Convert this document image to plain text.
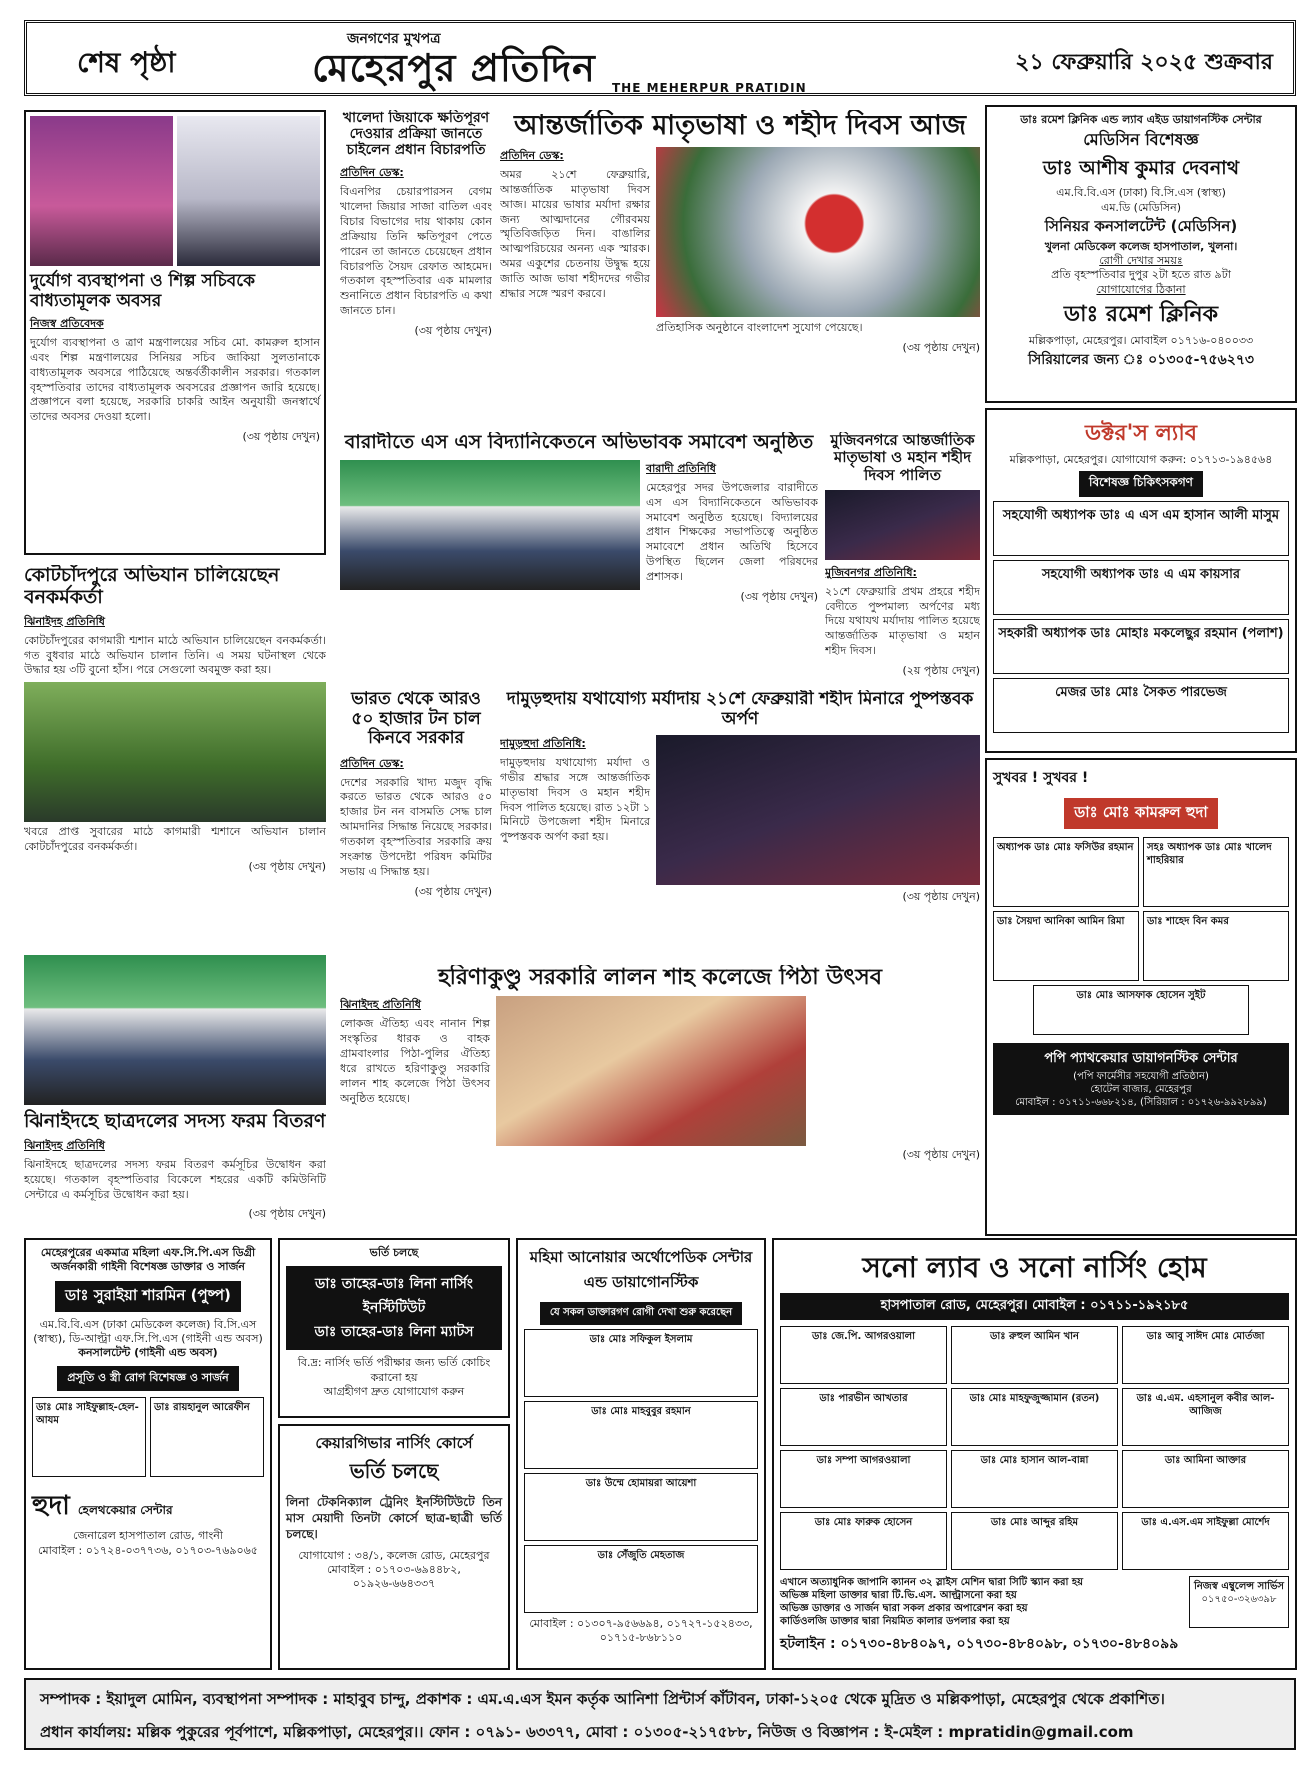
শেষ পৃষ্ঠা
জনগণের মুখপত্র
মেহেরপুর প্রতিদিন THE MEHERPUR PRATIDIN
২১ ফেব্রুয়ারি ২০২৫ শুক্রবার
দুর্যোগ ব্যবস্থাপনা ও শিল্প সচিবকে বাধ্যতামূলক অবসর
নিজস্ব প্রতিবেদক
দুর্যোগ ব্যবস্থাপনা ও ত্রাণ মন্ত্রণালয়ের সচিব মো. কামরুল হাসান এবং শিল্প মন্ত্রণালয়ের সিনিয়র সচিব জাকিয়া সুলতানাকে বাধ্যতামূলক অবসরে পাঠিয়েছে অন্তর্বর্তীকালীন সরকার। গতকাল বৃহস্পতিবার তাদের বাধ্যতামূলক অবসরের প্রজ্ঞাপন জারি হয়েছে। প্রজ্ঞাপনে বলা হয়েছে, সরকারি চাকরি আইন অনুযায়ী জনস্বার্থে তাদের অবসর দেওয়া হলো।
(৩য় পৃষ্ঠায় দেখুন)
খালেদা জিয়াকে ক্ষতিপূরণ দেওয়ার প্রক্রিয়া জানতে চাইলেন প্রধান বিচারপতি
প্রতিদিন ডেস্ক:
বিএনপির চেয়ারপারসন বেগম খালেদা জিয়ার সাজা বাতিল এবং বিচার বিভাগের দায় থাকায় কোন প্রক্রিয়ায় তিনি ক্ষতিপূরণ পেতে পারেন তা জানতে চেয়েছেন প্রধান বিচারপতি সৈয়দ রেফাত আহমেদ। গতকাল বৃহস্পতিবার এক মামলার শুনানিতে প্রধান বিচারপতি এ কথা জানতে চান।
(৩য় পৃষ্ঠায় দেখুন)
আন্তর্জাতিক মাতৃভাষা ও শহীদ দিবস আজ
প্রতিদিন ডেস্ক:
অমর ২১শে ফেব্রুয়ারি, আন্তর্জাতিক মাতৃভাষা দিবস আজ। মায়ের ভাষার মর্যাদা রক্ষার জন্য আত্মদানের গৌরবময় স্মৃতিবিজড়িত দিন। বাঙালির আত্মপরিচয়ের অনন্য এক স্মারক। অমর একুশের চেতনায় উদ্বুদ্ধ হয়ে জাতি আজ ভাষা শহীদদের গভীর শ্রদ্ধার সঙ্গে স্মরণ করবে।
প্রতিহাসিক অনুষ্ঠানে বাংলাদেশ সুযোগ পেয়েছে।
(৩য় পৃষ্ঠায় দেখুন)
বারাদীতে এস এস বিদ্যানিকেতনে অভিভাবক সমাবেশ অনুষ্ঠিত
বারাদী প্রতিনিধি
মেহেরপুর সদর উপজেলার বারাদীতে এস এস বিদ্যানিকেতনে অভিভাবক সমাবেশ অনুষ্ঠিত হয়েছে। বিদ্যালয়ের প্রধান শিক্ষকের সভাপতিত্বে অনুষ্ঠিত সমাবেশে প্রধান অতিথি হিসেবে উপস্থিত ছিলেন জেলা পরিষদের প্রশাসক।
(৩য় পৃষ্ঠায় দেখুন)
মুজিবনগরে আন্তর্জাতিক মাতৃভাষা ও মহান শহীদ দিবস পালিত
মুজিবনগর প্রতিনিধি:
২১শে ফেব্রুয়ারি প্রথম প্রহরে শহীদ বেদীতে পুষ্পমাল্য অর্পণের মধ্য দিয়ে যথাযথ মর্যাদায় পালিত হয়েছে আন্তর্জাতিক মাতৃভাষা ও মহান শহীদ দিবস।
(২য় পৃষ্ঠায় দেখুন)
কোটচাঁদপুরে অভিযান চালিয়েছেন বনকর্মকর্তা
ঝিনাইদহ প্রতিনিধি
কোটচাঁদপুরের কাগমারী শ্মশান মাঠে অভিযান চালিয়েছেন বনকর্মকর্তা। গত বুধবার মাঠে অভিযান চালান তিনি। এ সময় ঘটনাস্থল থেকে উদ্ধার হয় ৩টি বুনো হাঁস। পরে সেগুলো অবমুক্ত করা হয়।
খবরে প্রাপ্ত সুবারের মাঠে কাগমারী শ্মশানে অভিযান চালান কোটচাঁদপুরের বনকর্মকর্তা।
(৩য় পৃষ্ঠায় দেখুন)
ভারত থেকে আরও ৫০ হাজার টন চাল কিনবে সরকার
প্রতিদিন ডেস্ক:
দেশের সরকারি খাদ্য মজুদ বৃদ্ধি করতে ভারত থেকে আরও ৫০ হাজার টন নন বাসমতি সেদ্ধ চাল আমদানির সিদ্ধান্ত নিয়েছে সরকার। গতকাল বৃহস্পতিবার সরকারি ক্রয় সংক্রান্ত উপদেষ্টা পরিষদ কমিটির সভায় এ সিদ্ধান্ত হয়।
(৩য় পৃষ্ঠায় দেখুন)
দামুড়হুদায় যথাযোগ্য মর্যাদায় ২১শে ফেব্রুয়ারী শহীদ মিনারে পুষ্পস্তবক অর্পণ
দামুড়হুদা প্রতিনিধি:
দামুড়হুদায় যথাযোগ্য মর্যাদা ও গভীর শ্রদ্ধার সঙ্গে আন্তর্জাতিক মাতৃভাষা দিবস ও মহান শহীদ দিবস পালিত হয়েছে। রাত ১২টা ১ মিনিটে উপজেলা শহীদ মিনারে পুষ্পস্তবক অর্পণ করা হয়।
(৩য় পৃষ্ঠায় দেখুন)
হরিণাকুণ্ডু সরকারি লালন শাহ কলেজে পিঠা উৎসব
ঝিনাইদহ প্রতিনিধি
লোকজ ঐতিহ্য এবং নানান শিল্প সংস্কৃতির ধারক ও বাহক গ্রামবাংলার পিঠা-পুলির ঐতিহ্য ধরে রাখতে হরিণাকুণ্ডু সরকারি লালন শাহ কলেজে পিঠা উৎসব অনুষ্ঠিত হয়েছে।
(৩য় পৃষ্ঠায় দেখুন)
ঝিনাইদহে ছাত্রদলের সদস্য ফরম বিতরণ
ঝিনাইদহ প্রতিনিধি
ঝিনাইদহে ছাত্রদলের সদস্য ফরম বিতরণ কর্মসূচির উদ্বোধন করা হয়েছে। গতকাল বৃহস্পতিবার বিকেলে শহরের একটি কমিউনিটি সেন্টারে এ কর্মসূচির উদ্বোধন করা হয়।
(৩য় পৃষ্ঠায় দেখুন)
ডাঃ রমেশ ক্লিনিক এন্ড ল্যাব এইড ডায়াগনস্টিক সেন্টার
মেডিসিন বিশেষজ্ঞ
ডাঃ আশীষ কুমার দেবনাথ
এম.বি.বি.এস (ঢাকা) বি.সি.এস (স্বাস্থ্য)
এম.ডি (মেডিসিন)
সিনিয়র কনসালটেন্ট (মেডিসিন)
খুলনা মেডিকেল কলেজ হাসপাতাল, খুলনা।
রোগী দেখার সময়ঃ
প্রতি বৃহস্পতিবার দুপুর ২টা হতে রাত ৯টা
যোগাযোগের ঠিকানা
ডাঃ রমেশ ক্লিনিক
মল্লিকপাড়া, মেহেরপুর। মোবাইল ০১৭১৬-০৪০০৩৩
সিরিয়ালের জন্য ঃ ০১৩০৫-৭৫৬২৭৩
ডক্টর'স ল্যাব
মল্লিকপাড়া, মেহেরপুর। যোগাযোগ করুন: ০১৭১৩-১৯৪৫৬৪
বিশেষজ্ঞ চিকিৎসকগণ
সহযোগী অধ্যাপক ডাঃ এ এস এম হাসান আলী মাসুম
সহযোগী অধ্যাপক ডাঃ এ এম কায়সার
সহকারী অধ্যাপক ডাঃ মোহাঃ মকলেছুর রহমান (পলাশ)
মেজর ডাঃ মোঃ সৈকত পারভেজ
সুখবর ! সুখবর !
ডাঃ মোঃ কামরুল হুদা
অধ্যাপক ডাঃ মোঃ ফসিউর রহমান সহঃ অধ্যাপক ডাঃ মোঃ খালেদ শাহরিয়ার
ডাঃ সৈয়দা আনিকা আমিন রিমা	ডাঃ শাহেদ বিন কমর
ডাঃ মোঃ আসফাক হোসেন সুইট
পপি প্যাথকেয়ার ডায়াগনস্টিক সেন্টার
(পপি ফার্মেসীর সহযোগী প্রতিষ্ঠান)
হোটেল বাজার, মেহেরপুর
মোবাইল : ০১৭১১-৬৬৮২১৪, (সিরিয়াল : ০১৭২৬-৯৯২৮৯৯)
মেহেরপুরের একমাত্র মহিলা এফ.সি.পি.এস ডিগ্রী অর্জনকারী গাইনী বিশেষজ্ঞ ডাক্তার ও সার্জন
ডাঃ সুরাইয়া শারমিন (পুষ্প)
এম.বি.বি.এস (ঢাকা মেডিকেল কলেজ) বি.সি.এস (স্বাস্থ্য), ডি-আল্ট্রা এফ.সি.পি.এস (গাইনী এন্ড অবস)
কনসালটেন্ট (গাইনী এন্ড অবস)
প্রসূতি ও স্ত্রী রোগ বিশেষজ্ঞ ও সার্জন
ডাঃ মোঃ সাইফুল্লাহ-হেল-আযম
ডাঃ রায়হানুল আরেফীন
হুদা হেলথকেয়ার সেন্টার
জেনারেল হাসপাতাল রোড, গাংনী
মোবাইল : ০১৭২৪-০৩৭৭৩৬, ০১৭০৩-৭৬৯০৬৫
ভর্তি চলছে
ডাঃ তাহের-ডাঃ লিনা নার্সিং ইনস্টিটিউট
ডাঃ তাহের-ডাঃ লিনা ম্যাটস
বি.দ্র: নার্সিং ভর্তি পরীক্ষার জন্য ভর্তি কোচিং করানো হয়
আগ্রহীগণ দ্রুত যোগাযোগ করুন
কেয়ারগিভার নার্সিং কোর্সে
ভর্তি চলছে
লিনা টেকনিক্যাল ট্রেনিং ইনস্টিটিউটে তিন মাস মেয়াদী তিনটা কোর্সে ছাত্র-ছাত্রী ভর্তি চলছে।
যোগাযোগ : ৩৪/১, কলেজ রোড, মেহেরপুর
মোবাইল : ০১৭০৩-৬৯৪৪৮২, ০১৯২৬-৬৬৪৩৩৭
মহিমা আনোয়ার অর্থোপেডিক সেন্টার এন্ড ডায়াগোনস্টিক
যে সকল ডাক্তারগণ রোগী দেখা শুরু করেছেন
ডাঃ মোঃ সফিকুল ইসলাম
ডাঃ মোঃ মাহবুবুর রহমান
ডাঃ উম্মে হোমায়রা আয়েশা
ডাঃ সেঁজুতি মেহতাজ
মোবাইল : ০১৩০৭-৯৫৬৬৯৪, ০১৭২৭-১৫২৪৩৩, ০১৭১৫-৮৬৮১১০
সনো ল্যাব ও সনো নার্সিং হোম
হাসপাতাল রোড, মেহেরপুর। মোবাইল : ০১৭১১-১৯২১৮৫
ডাঃ জে.পি. আগরওয়ালা	ডাঃ রুহুল আমিন খান	ডাঃ আবু সাঈদ মোঃ মোর্তজা
ডাঃ পারভীন আখতার	ডাঃ মোঃ মাহফুজুজ্জামান (রতন)	ডাঃ এ.এম. এহসানুল কবীর আল-আজিজ
ডাঃ সম্পা আগরওয়ালা	ডাঃ মোঃ হাসান আল-বান্না	ডাঃ আমিনা আক্তার
ডাঃ মোঃ ফারুক হোসেন	ডাঃ মোঃ আব্দুর রহিম	ডাঃ এ.এস.এম সাইফুল্লা মোর্শেদ
এখানে অত্যাধুনিক জাপানি ক্যানন ৩২ স্লাইস মেশিন দ্বারা সিটি স্ক্যান করা হয়
অভিজ্ঞ মহিলা ডাক্তার দ্বারা টি.ভি.এস. আল্ট্রাসনো করা হয়
অভিজ্ঞ ডাক্তার ও সার্জন দ্বারা সকল প্রকার অপারেশন করা হয়
কার্ডিওলজি ডাক্তার দ্বারা নিয়মিত কালার ডপলার করা হয়
নিজস্ব এম্বুলেন্স সার্ভিস
০১৭৫০-৩২৬৩৯৮
হটলাইন : ০১৭৩০-৪৮৪০৯৭, ০১৭৩০-৪৮৪০৯৮, ০১৭৩০-৪৮৪০৯৯
সম্পাদক : ইয়াদুল মোমিন, ব্যবস্থাপনা সম্পাদক : মাহাবুব চান্দু, প্রকাশক : এম.এ.এস ইমন কর্তৃক আনিশা প্রিন্টার্স কাঁটাবন, ঢাকা-১২০৫ থেকে মুদ্রিত ও মল্লিকপাড়া, মেহেরপুর থেকে প্রকাশিত।
প্রধান কার্যালয়: মল্লিক পুকুরের পূর্বপাশে, মল্লিকপাড়া, মেহেরপুর।। ফোন : ০৭৯১- ৬৩৩৭৭, মোবা : ০১৩০৫-২১৭৫৮৮, নিউজ ও বিজ্ঞাপন : ই-মেইল : mpratidin@gmail.com
